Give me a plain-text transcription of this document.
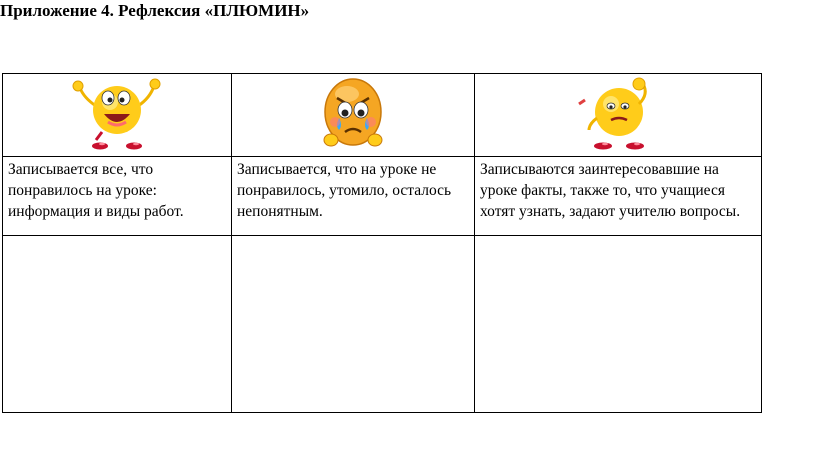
Приложение 4. Рефлексия «ПЛЮМИН»

Записывается все, что понравилось на уроке: информация и виды работ.	Записывается, что на уроке не понравилось, утомило, осталось непонятным.	Записываются заинтересовавшие на уроке факты, также то, что учащиеся хотят узнать, задают учителю вопросы.
